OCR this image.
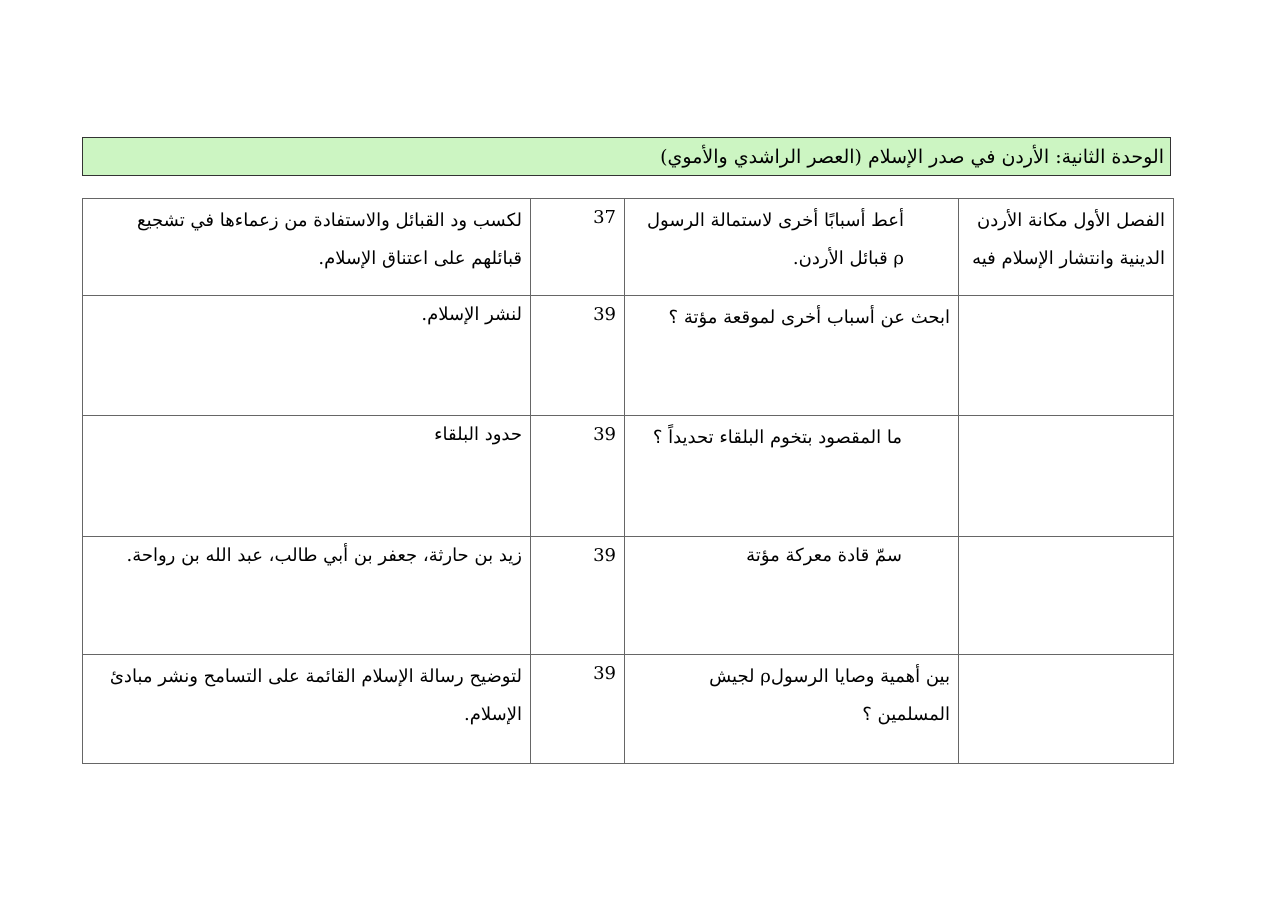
الوحدة الثانية: الأردن في صدر الإسلام (العصر الراشدي والأموي)
الفصل الأول مكانة الأردن الدينية وانتشار الإسلام فيه	أعط أسبابًا أخرى لاستمالة الرسول ρ قبائل الأردن.	37	لكسب ود القبائل والاستفادة من زعماءها في تشجيع قبائلهم على اعتناق الإسلام.
	ابحث عن أسباب أخرى لموقعة مؤتة ؟	39	لنشر الإسلام.
	ما المقصود بتخوم البلقاء تحديداً ؟	39	حدود البلقاء
	سمّ قادة معركة مؤتة	39	زيد بن حارثة، جعفر بن أبي طالب، عبد الله بن رواحة.
	بين أهمية وصايا الرسولρ لجيش المسلمين ؟	39	لتوضيح رسالة الإسلام القائمة على التسامح ونشر مبادئ الإسلام.
